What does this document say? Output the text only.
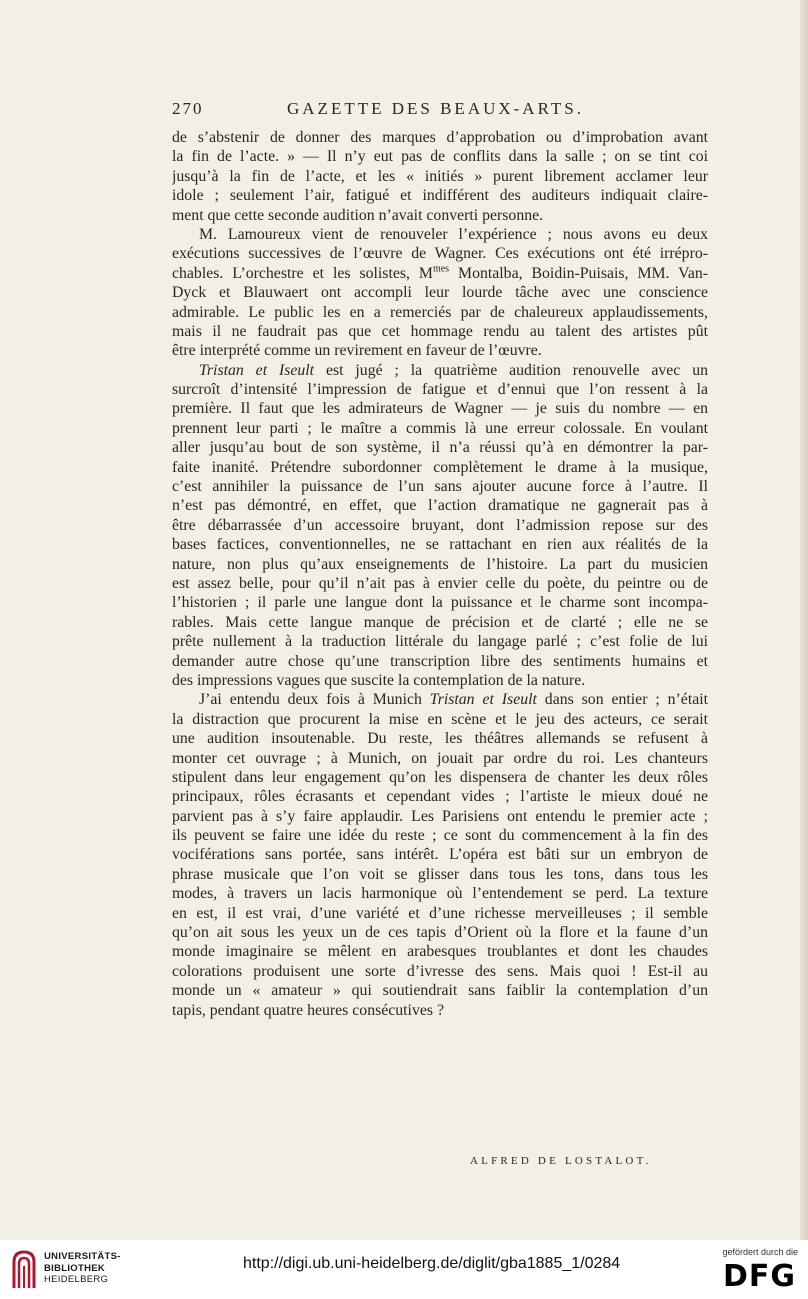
270	GAZETTE DES BEAUX-ARTS.
de s’abstenir de donner des marques d’approbation ou d’improbation avant
la fin de l’acte. » — Il n’y eut pas de conflits dans la salle ; on se tint coi
jusqu’à la fin de l’acte, et les « initiés » purent librement acclamer leur
idole ; seulement l’air, fatigué et indifférent des auditeurs indiquait claire-
ment que cette seconde audition n’avait converti personne.
M. Lamoureux vient de renouveler l’expérience ; nous avons eu deux
exécutions successives de l’œuvre de Wagner. Ces exécutions ont été irrépro-
chables. L’orchestre et les solistes, $M^{mes}$ Montalba, Boidin-Puisais, MM. Van-
Dyck et Blauwaert ont accompli leur lourde tâche avec une conscience
admirable. Le public les en a remerciés par de chaleureux applaudissements,
mais il ne faudrait pas que cet hommage rendu au talent des artistes pût
être interprété comme un revirement en faveur de l’œuvre.
Tristan et Iseult est jugé ; la quatrième audition renouvelle avec un
surcroît d’intensité l’impression de fatigue et d’ennui que l’on ressent à la
première. Il faut que les admirateurs de Wagner — je suis du nombre — en
prennent leur parti ; le maître a commis là une erreur colossale. En voulant
aller jusqu’au bout de son système, il n’a réussi qu’à en démontrer la par-
faite inanité. Prétendre subordonner complètement le drame à la musique,
c’est annihiler la puissance de l’un sans ajouter aucune force à l’autre. Il
n’est pas démontré, en effet, que l’action dramatique ne gagnerait pas à
être débarrassée d’un accessoire bruyant, dont l’admission repose sur des
bases factices, conventionnelles, ne se rattachant en rien aux réalités de la
nature, non plus qu’aux enseignements de l’histoire. La part du musicien
est assez belle, pour qu’il n’ait pas à envier celle du poète, du peintre ou de
l’historien ; il parle une langue dont la puissance et le charme sont incompa-
rables. Mais cette langue manque de précision et de clarté ; elle ne se
prête nullement à la traduction littérale du langage parlé ; c’est folie de lui
demander autre chose qu’une transcription libre des sentiments humains et
des impressions vagues que suscite la contemplation de la nature.
J’ai entendu deux fois à Munich Tristan et Iseult dans son entier ; n’était
la distraction que procurent la mise en scène et le jeu des acteurs, ce serait
une audition insoutenable. Du reste, les théâtres allemands se refusent à
monter cet ouvrage ; à Munich, on jouait par ordre du roi. Les chanteurs
stipulent dans leur engagement qu’on les dispensera de chanter les deux rôles
principaux, rôles écrasants et cependant vides ; l’artiste le mieux doué ne
parvient pas à s’y faire applaudir. Les Parisiens ont entendu le premier acte ;
ils peuvent se faire une idée du reste ; ce sont du commencement à la fin des
vociférations sans portée, sans intérêt. L’opéra est bâti sur un embryon de
phrase musicale que l’on voit se glisser dans tous les tons, dans tous les
modes, à travers un lacis harmonique où l’entendement se perd. La texture
en est, il est vrai, d’une variété et d’une richesse merveilleuses ; il semble
qu’on ait sous les yeux un de ces tapis d’Orient où la flore et la faune d’un
monde imaginaire se mêlent en arabesques troublantes et dont les chaudes
colorations produisent une sorte d’ivresse des sens. Mais quoi ! Est-il au
monde un « amateur » qui soutiendrait sans faiblir la contemplation d’un
tapis, pendant quatre heures consécutives ?
ALFRED DE LOSTALOT.
UNIVERSITÄTS-
BIBLIOTHEK
HEIDELBERG
http://digi.ub.uni-heidelberg.de/diglit/gba1885_1/0284
gefördert durch die
DFG
